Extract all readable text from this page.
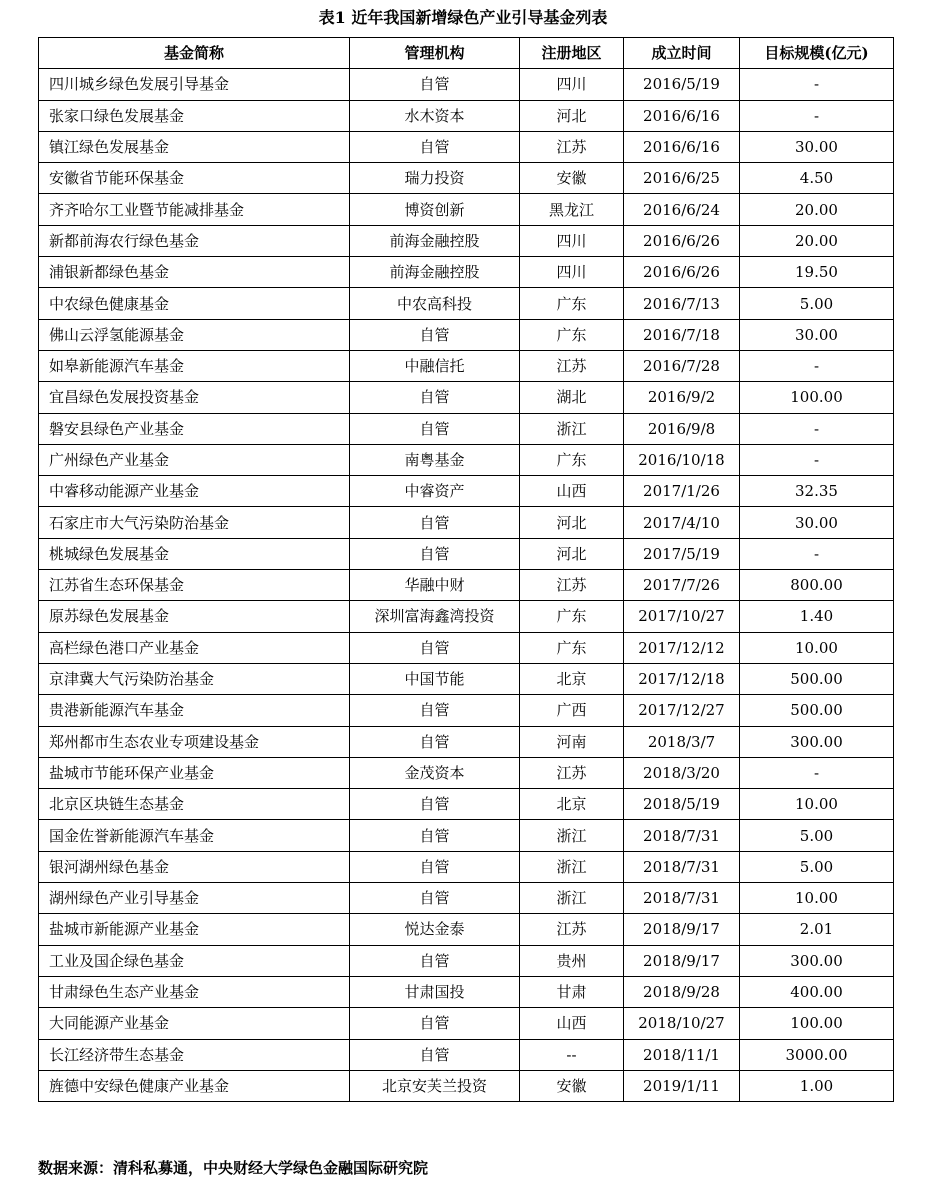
表1 近年我国新增绿色产业引导基金列表
基金简称	管理机构	注册地区	成立时间	目标规模(亿元)
四川城乡绿色发展引导基金	自管	四川	2016/5/19	-
张家口绿色发展基金	水木资本	河北	2016/6/16	-
镇江绿色发展基金	自管	江苏	2016/6/16	30.00
安徽省节能环保基金	瑞力投资	安徽	2016/6/25	4.50
齐齐哈尔工业暨节能减排基金	博资创新	黑龙江	2016/6/24	20.00
新都前海农行绿色基金	前海金融控股	四川	2016/6/26	20.00
浦银新都绿色基金	前海金融控股	四川	2016/6/26	19.50
中农绿色健康基金	中农高科投	广东	2016/7/13	5.00
佛山云浮氢能源基金	自管	广东	2016/7/18	30.00
如皋新能源汽车基金	中融信托	江苏	2016/7/28	-
宜昌绿色发展投资基金	自管	湖北	2016/9/2	100.00
磐安县绿色产业基金	自管	浙江	2016/9/8	-
广州绿色产业基金	南粤基金	广东	2016/10/18	-
中睿移动能源产业基金	中睿资产	山西	2017/1/26	32.35
石家庄市大气污染防治基金	自管	河北	2017/4/10	30.00
桃城绿色发展基金	自管	河北	2017/5/19	-
江苏省生态环保基金	华融中财	江苏	2017/7/26	800.00
原苏绿色发展基金	深圳富海鑫湾投资	广东	2017/10/27	1.40
高栏绿色港口产业基金	自管	广东	2017/12/12	10.00
京津冀大气污染防治基金	中国节能	北京	2017/12/18	500.00
贵港新能源汽车基金	自管	广西	2017/12/27	500.00
郑州都市生态农业专项建设基金	自管	河南	2018/3/7	300.00
盐城市节能环保产业基金	金茂资本	江苏	2018/3/20	-
北京区块链生态基金	自管	北京	2018/5/19	10.00
国金佐誉新能源汽车基金	自管	浙江	2018/7/31	5.00
银河湖州绿色基金	自管	浙江	2018/7/31	5.00
湖州绿色产业引导基金	自管	浙江	2018/7/31	10.00
盐城市新能源产业基金	悦达金泰	江苏	2018/9/17	2.01
工业及国企绿色基金	自管	贵州	2018/9/17	300.00
甘肃绿色生态产业基金	甘肃国投	甘肃	2018/9/28	400.00
大同能源产业基金	自管	山西	2018/10/27	100.00
长江经济带生态基金	自管	--	2018/11/1	3000.00
旌德中安绿色健康产业基金	北京安芙兰投资	安徽	2019/1/11	1.00
数据来源：清科私募通，中央财经大学绿色金融国际研究院
